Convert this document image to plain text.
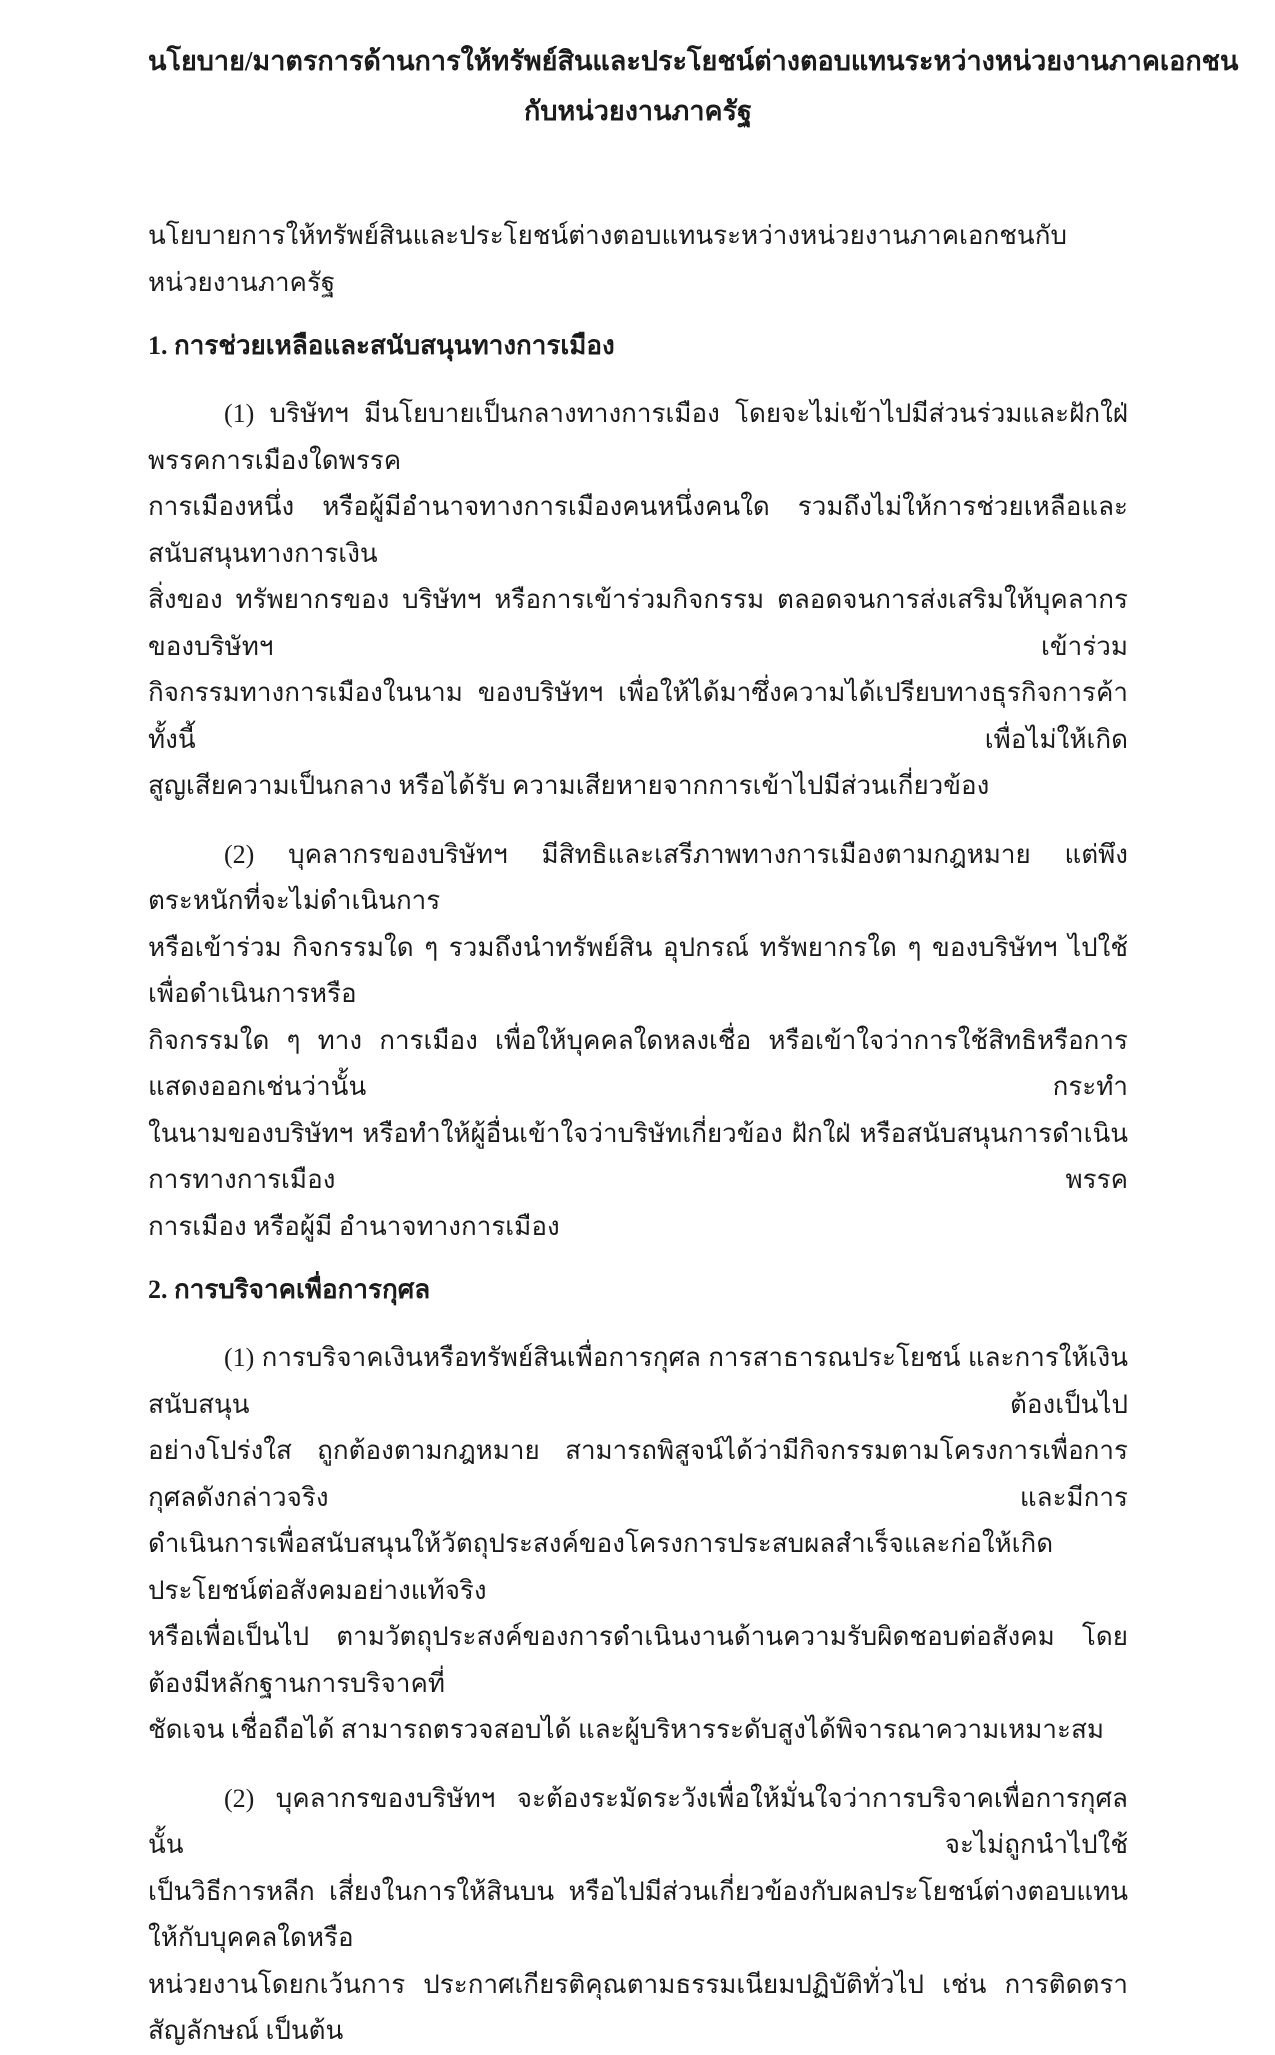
นโยบาย/มาตรการด้านการให้ทรัพย์สินและประโยชน์ต่างตอบแทนระหว่างหน่วยงานภาคเอกชน
กับหน่วยงานภาครัฐ
นโยบายการให้ทรัพย์สินและประโยชน์ต่างตอบแทนระหว่างหน่วยงานภาคเอกชนกับหน่วยงานภาครัฐ
1. การช่วยเหลือและสนับสนุนทางการเมือง
(1) บริษัทฯ มีนโยบายเป็นกลางทางการเมือง โดยจะไม่เข้าไปมีส่วนร่วมและฝักใฝ่พรรคการเมืองใดพรรค
การเมืองหนึ่ง หรือผู้มีอำนาจทางการเมืองคนหนึ่งคนใด รวมถึงไม่ให้การช่วยเหลือและสนับสนุนทางการเงิน
สิ่งของ ทรัพยากรของ บริษัทฯ หรือการเข้าร่วมกิจกรรม ตลอดจนการส่งเสริมให้บุคลากรของบริษัทฯ เข้าร่วม
กิจกรรมทางการเมืองในนาม ของบริษัทฯ เพื่อให้ได้มาซึ่งความได้เปรียบทางธุรกิจการค้า ทั้งนี้ เพื่อไม่ให้เกิด
สูญเสียความเป็นกลาง หรือได้รับ ความเสียหายจากการเข้าไปมีส่วนเกี่ยวข้อง
(2) บุคลากรของบริษัทฯ มีสิทธิและเสรีภาพทางการเมืองตามกฎหมาย แต่พึงตระหนักที่จะไม่ดำเนินการ
หรือเข้าร่วม กิจกรรมใด ๆ รวมถึงนำทรัพย์สิน อุปกรณ์ ทรัพยากรใด ๆ ของบริษัทฯ ไปใช้เพื่อดำเนินการหรือ
กิจกรรมใด ๆ ทาง การเมือง เพื่อให้บุคคลใดหลงเชื่อ หรือเข้าใจว่าการใช้สิทธิหรือการแสดงออกเช่นว่านั้น กระทำ
ในนามของบริษัทฯ หรือทำให้ผู้อื่นเข้าใจว่าบริษัทเกี่ยวข้อง ฝักใฝ่ หรือสนับสนุนการดำเนินการทางการเมือง พรรค
การเมือง หรือผู้มี อำนาจทางการเมือง
2. การบริจาคเพื่อการกุศล
(1) การบริจาคเงินหรือทรัพย์สินเพื่อการกุศล การสาธารณประโยชน์ และการให้เงินสนับสนุน ต้องเป็นไป
อย่างโปร่งใส ถูกต้องตามกฎหมาย สามารถพิสูจน์ได้ว่ามีกิจกรรมตามโครงการเพื่อการกุศลดังกล่าวจริง และมีการ
ดำเนินการเพื่อสนับสนุนให้วัตถุประสงค์ของโครงการประสบผลสำเร็จและก่อให้เกิดประโยชน์ต่อสังคมอย่างแท้จริง
หรือเพื่อเป็นไป ตามวัตถุประสงค์ของการดำเนินงานด้านความรับผิดชอบต่อสังคม โดยต้องมีหลักฐานการบริจาคที่
ชัดเจน เชื่อถือได้ สามารถตรวจสอบได้ และผู้บริหารระดับสูงได้พิจารณาความเหมาะสม
(2) บุคลากรของบริษัทฯ จะต้องระมัดระวังเพื่อให้มั่นใจว่าการบริจาคเพื่อการกุศลนั้น จะไม่ถูกนำไปใช้
เป็นวิธีการหลีก เสี่ยงในการให้สินบน หรือไปมีส่วนเกี่ยวข้องกับผลประโยชน์ต่างตอบแทนให้กับบุคคลใดหรือ
หน่วยงานโดยกเว้นการ ประกาศเกียรติคุณตามธรรมเนียมปฏิบัติทั่วไป เช่น การติดตราสัญลักษณ์ เป็นต้น
